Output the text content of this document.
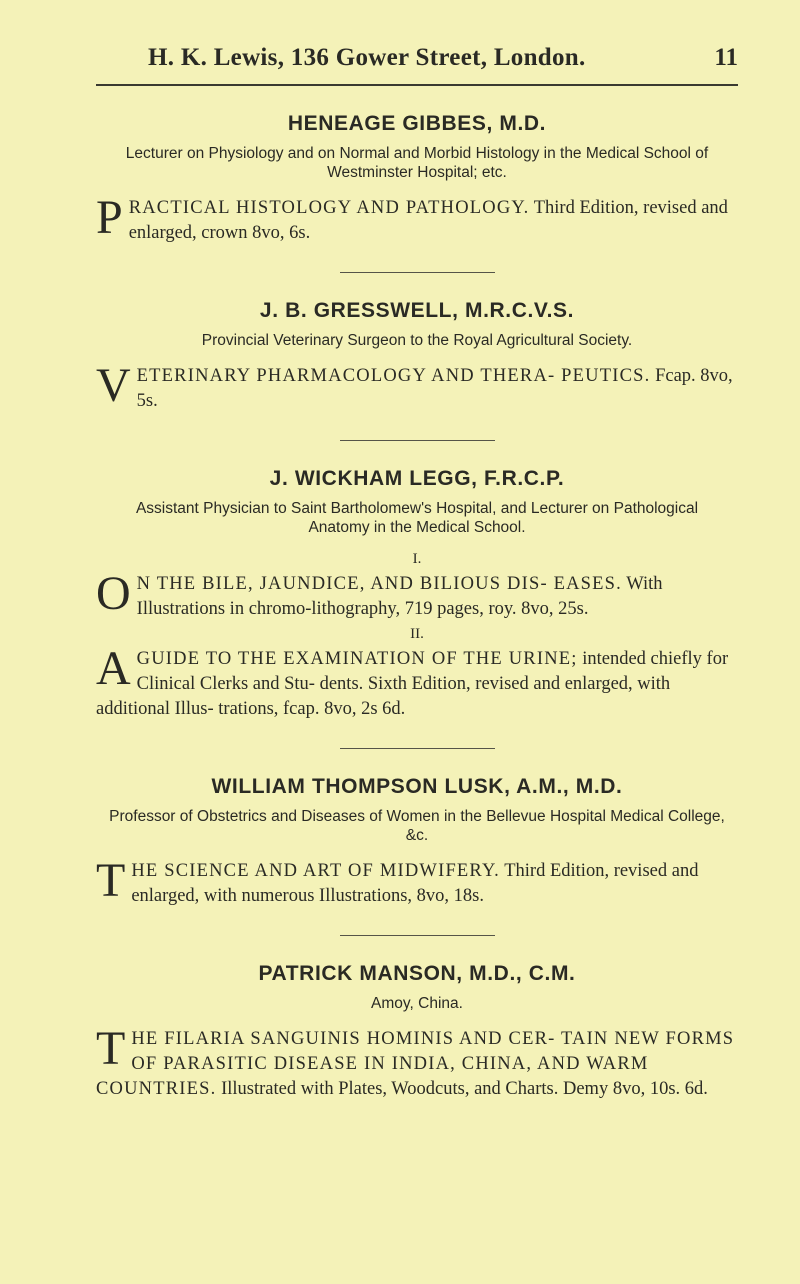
H. K. Lewis, 136 Gower Street, London.	11
HENEAGE GIBBES, M.D.

Lecturer on Physiology and on Normal and Morbid Histology in the Medical School of Westminster Hospital; etc.

PRACTICAL HISTOLOGY AND PATHOLOGY. Third Edition, revised and enlarged, crown 8vo, 6s.

J. B. GRESSWELL, M.R.C.V.S.

Provincial Veterinary Surgeon to the Royal Agricultural Society.

VETERINARY PHARMACOLOGY AND THERA- PEUTICS. Fcap. 8vo, 5s.

J. WICKHAM LEGG, F.R.C.P.

Assistant Physician to Saint Bartholomew's Hospital, and Lecturer on Pathological Anatomy in the Medical School.

I.

O N THE BILE, JAUNDICE, AND BILIOUS DIS- EASES. With Illustrations in chromo-lithography, 719 pages, roy. 8vo, 25s.

II.

A GUIDE TO THE EXAMINATION OF THE URINE; intended chiefly for Clinical Clerks and Stu- dents. Sixth Edition, revised and enlarged, with additional Illus- trations, fcap. 8vo, 2s 6d.

WILLIAM THOMPSON LUSK, A.M., M.D.

Professor of Obstetrics and Diseases of Women in the Bellevue Hospital Medical College, &c.

THE SCIENCE AND ART OF MIDWIFERY. Third Edition, revised and enlarged, with numerous Illustrations, 8vo, 18s.

PATRICK MANSON, M.D., C.M.

Amoy, China.

THE FILARIA SANGUINIS HOMINIS AND CER- TAIN NEW FORMS OF PARASITIC DISEASE IN INDIA, CHINA, AND WARM COUNTRIES. Illustrated with Plates, Woodcuts, and Charts. Demy 8vo, 10s. 6d.
